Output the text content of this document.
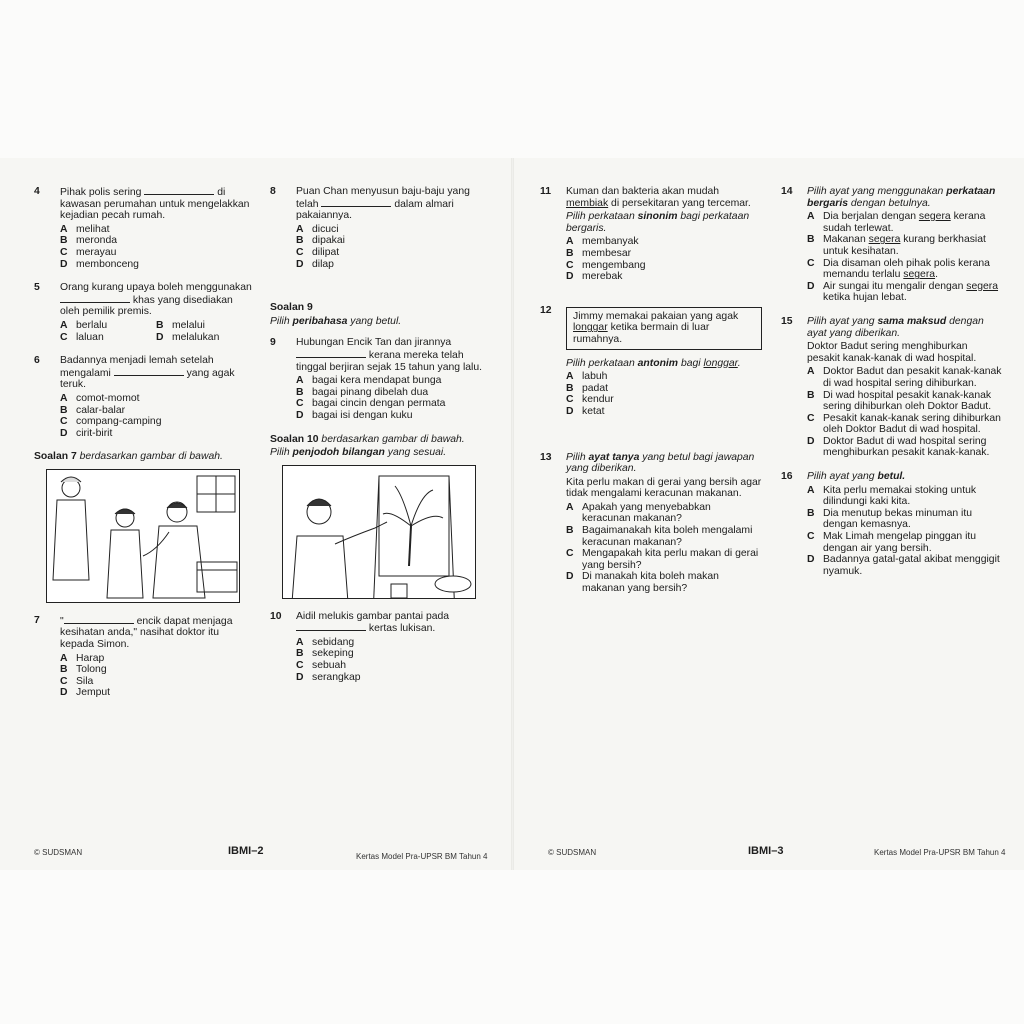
4	Pihak polis sering	di kawasan perumahan untuk mengelakkan kejadian pecah rumah.
A melihat
B meronda
C merayau
D membonceng
5	Orang kurang upaya boleh menggunakan  khas yang disediakan oleh pemilik premis.
A berlalu	B melalui
C laluan	D melalukan
6	Badannya menjadi lemah setelah mengalami	yang agak teruk.
A comot-momot
B calar-balar
C compang-camping
D cirit-birit
Soalan 7 berdasarkan gambar di bawah.
7	"	encik dapat menjaga kesihatan anda," nasihat doktor itu kepada Simon.
A Harap
B Tolong
C Sila
D Jemput
8	Puan Chan menyusun baju-baju yang telah	dalam almari pakaiannya.
A dicuci
B dipakai
C dilipat
D dilap
Soalan 9
Pilih peribahasa yang betul.
9	Hubungan Encik Tan dan jirannya  kerana mereka telah tinggal berjiran sejak 15 tahun yang lalu.
A bagai kera mendapat bunga
B bagai pinang dibelah dua
C bagai cincin dengan permata
D bagai isi dengan kuku
Soalan 10 berdasarkan gambar di bawah.
Pilih penjodoh bilangan yang sesuai.
10	Aidil melukis gambar pantai pada  kertas lukisan.
A sebidang
B sekeping
C sebuah
D serangkap
11	Kuman dan bakteria akan mudah membiak di persekitaran yang tercemar.
Pilih perkataan sinonim bagi perkataan bergaris.
A membanyak
B membesar
C mengembang
D merebak
12
Jimmy memakai pakaian yang agak longgar ketika bermain di luar rumahnya.
Pilih perkataan antonim bagi longgar.
A labuh
B padat
C kendur
D ketat
13	Pilih ayat tanya yang betul bagi jawapan yang diberikan.
Kita perlu makan di gerai yang bersih agar tidak mengalami keracunan makanan.
A Apakah yang menyebabkan keracunan makanan?
B Bagaimanakah kita boleh mengalami keracunan makanan?
C Mengapakah kita perlu makan di gerai yang bersih?
D Di manakah kita boleh makan makanan yang bersih?
14	Pilih ayat yang menggunakan perkataan bergaris dengan betulnya.
A Dia berjalan dengan segera kerana sudah terlewat.
B Makanan segera kurang berkhasiat untuk kesihatan.
C Dia disaman oleh pihak polis kerana memandu terlalu segera.
D Air sungai itu mengalir dengan segera ketika hujan lebat.
15	Pilih ayat yang sama maksud dengan ayat yang diberikan.
Doktor Badut sering menghiburkan pesakit kanak-kanak di wad hospital.
A Doktor Badut dan pesakit kanak-kanak di wad hospital sering dihiburkan.
B Di wad hospital pesakit kanak-kanak sering dihiburkan oleh Doktor Badut.
C Pesakit kanak-kanak sering dihiburkan oleh Doktor Badut di wad hospital.
D Doktor Badut di wad hospital sering menghiburkan pesakit kanak-kanak.
16	Pilih ayat yang betul.
A Kita perlu memakai stoking untuk dilindungi kaki kita.
B Dia menutup bekas minuman itu dengan kemasnya.
C Mak Limah mengelap pinggan itu dengan air yang bersih.
D Badannya gatal-gatal akibat menggigit nyamuk.
© SUDSMAN	IBMI–2	Kertas Model Pra-UPSR BM Tahun 4	© SUDSMAN	IBMI–3	Kertas Model Pra-UPSR BM Tahun 4
